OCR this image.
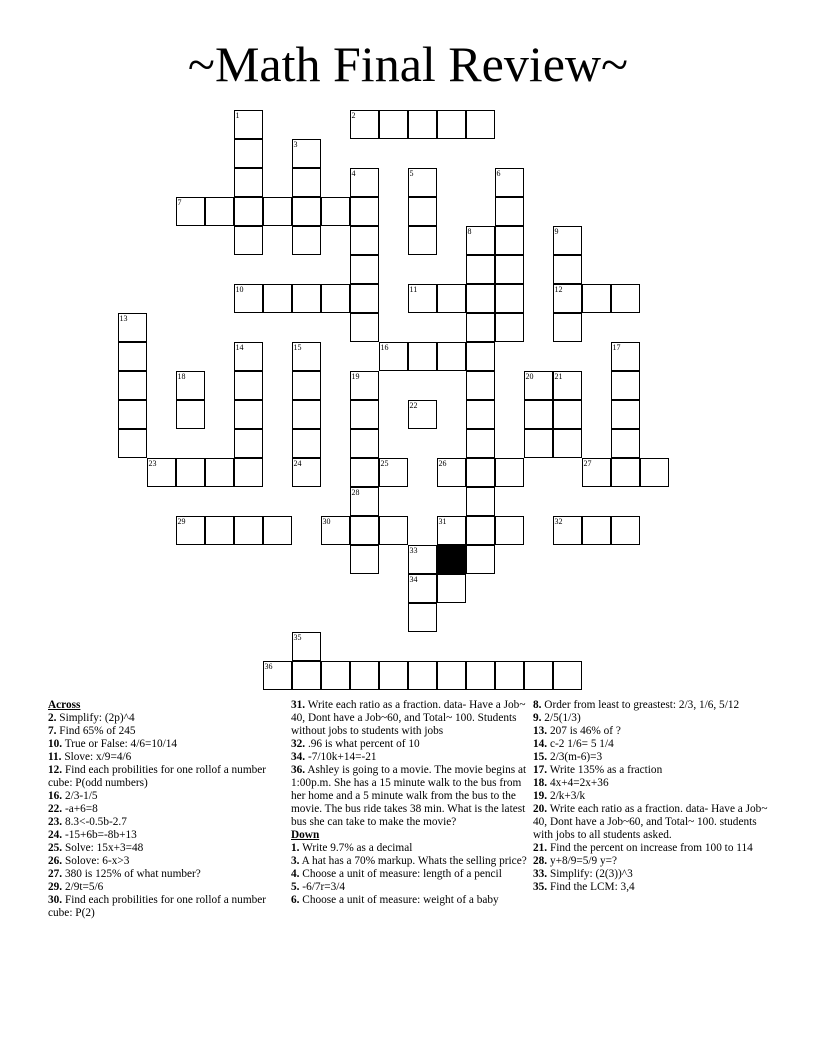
~Math Final Review~
1	2
3
4	5	6
7
8	9
10	11	12
13
14	15	16	17
18	19	20	21
22
23	24	25	26	27
28
29	30	31	32
33
34
35
36

Across

2. Simplify: (2p)^4

7. Find 65% of 245

10. True or False: 4/6=10/14

11. Slove: x/9=4/6

12. Find each probilities for one rollof a number cube: P(odd numbers)

16. 2/3-1/5

22. -a+6=8

23. 8.3<-0.5b-2.7

24. -15+6b=-8b+13

25. Solve: 15x+3=48

26. Solove: 6-x>3

27. 380 is 125% of what number?

29. 2/9t=5/6

30. Find each probilities for one rollof a number cube: P(2)

31. Write each ratio as a fraction. data- Have a Job~ 40, Dont have a Job~60, and Total~ 100. Students without jobs to students with jobs

32. .96 is what percent of 10

34. -7/10k+14=-21

36. Ashley is going to a movie. The movie begins at 1:00p.m. She has a 15 minute walk to the bus from her home and a 5 minute walk from the bus to the movie. The bus ride takes 38 min. What is the latest bus she can take to make the movie?

Down

1. Write 9.7% as a decimal

3. A hat has a 70% markup. Whats the selling price?

4. Choose a unit of measure: length of a pencil

5. -6/7r=3/4

6. Choose a unit of measure: weight of a baby

8. Order from least to greastest: 2/3, 1/6, 5/12

9. 2/5(1/3)

13. 207 is 46% of ?

14. c-2 1/6= 5 1/4

15. 2/3(m-6)=3

17. Write 135% as a fraction

18. 4x+4=2x+36

19. 2/k+3/k

20. Write each ratio as a fraction. data- Have a Job~ 40, Dont have a Job~60, and Total~ 100. students with jobs to all students asked.

21. Find the percent on increase from 100 to 114

28. y+8/9=5/9 y=?

33. Simplify: (2(3))^3

35. Find the LCM: 3,4
